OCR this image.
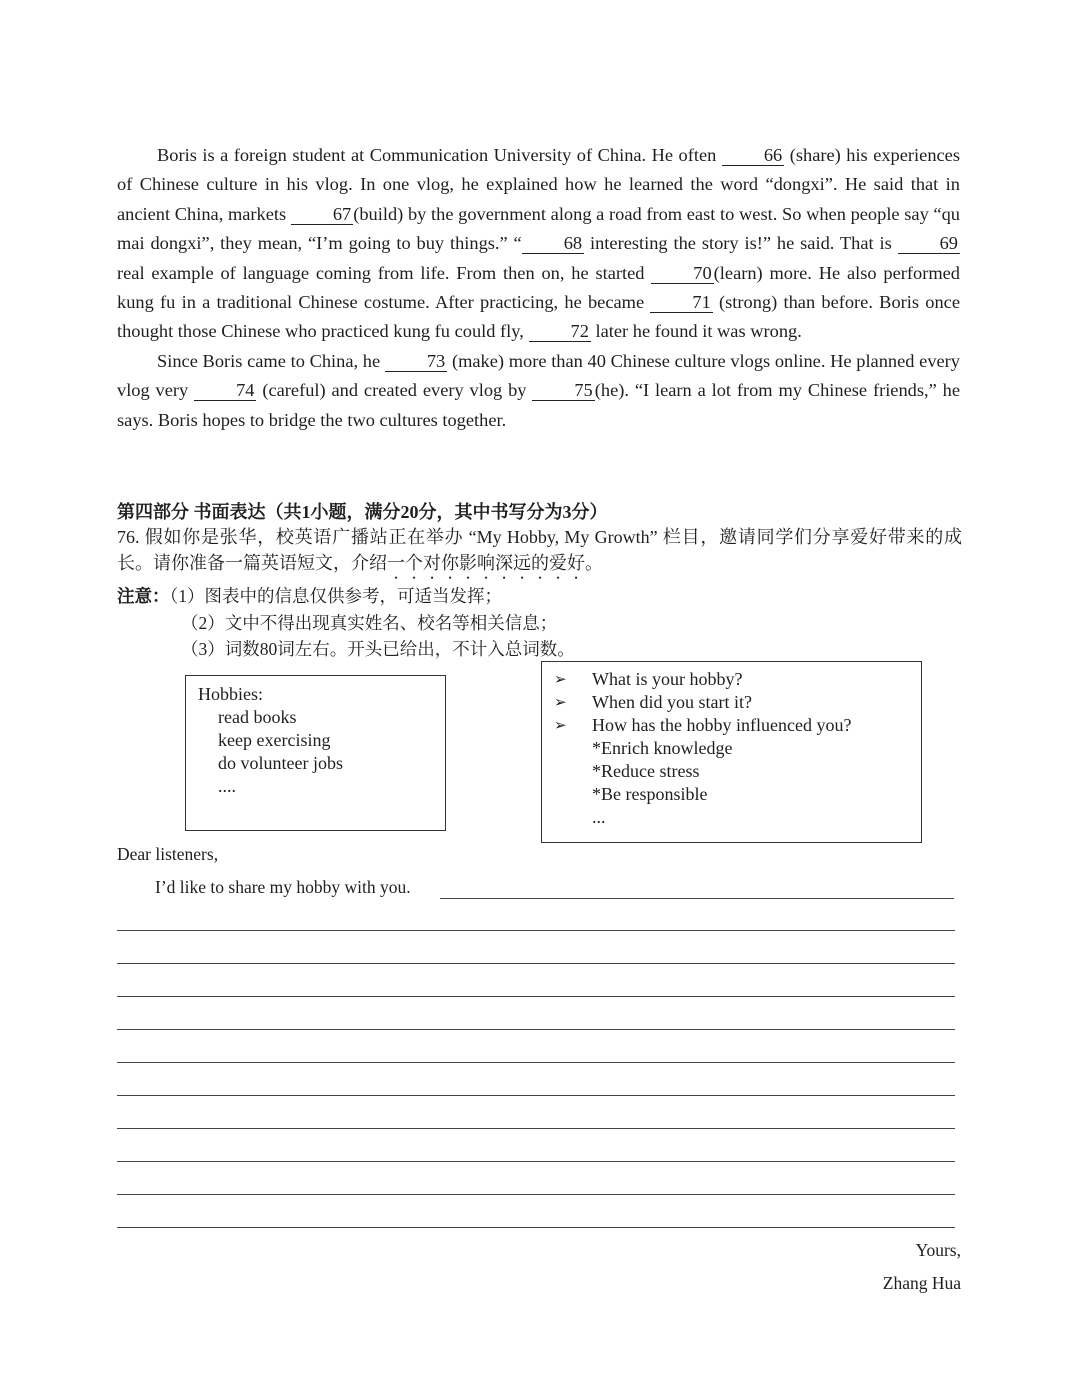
Boris is a foreign student at Communication University of China. He often 66 (share) his experiences of Chinese culture in his vlog. In one vlog, he explained how he learned the word “dongxi”. He said that in ancient China, markets 67 (build) by the government along a road from east to west. So when people say “qu mai dongxi”, they mean, “I’m going to buy things.” “ 68 interesting the story is!” he said. That is 69 real example of language coming from life. From then on, he started 70 (learn) more. He also performed kung fu in a traditional Chinese costume. After practicing, he became 71 (strong) than before. Boris once thought those Chinese who practiced kung fu could fly, 72 later he found it was wrong.

Since Boris came to China, he 73 (make) more than 40 Chinese culture vlogs online. He planned every vlog very 74 (careful) and created every vlog by 75 (he). “I learn a lot from my Chinese friends,” he says. Boris hopes to bridge the two cultures together.

第四部分 书面表达（共1小题，满分20分，其中书写分为3分）
76. 假如你是张华，校英语广播站正在举办 “My Hobby, My Growth” 栏目，邀请同学们分享爱好带来的成长。请你准备一篇英语短文，介绍一个对你影响深远的爱好。
注意：（1）图表中的信息仅供参考，可适当发挥；
（2）文中不得出现真实姓名、校名等相关信息；
（3）词数80词左右。开头已给出，不计入总词数。
Hobbies:
read books
keep exercising
do volunteer jobs
....
➢	What is your hobby?
➢	When did you start it?
➢	How has the hobby influenced you?
*Enrich knowledge
*Reduce stress
*Be responsible
...
Dear listeners,
I’d like to share my hobby with you.
Yours,
Zhang Hua
